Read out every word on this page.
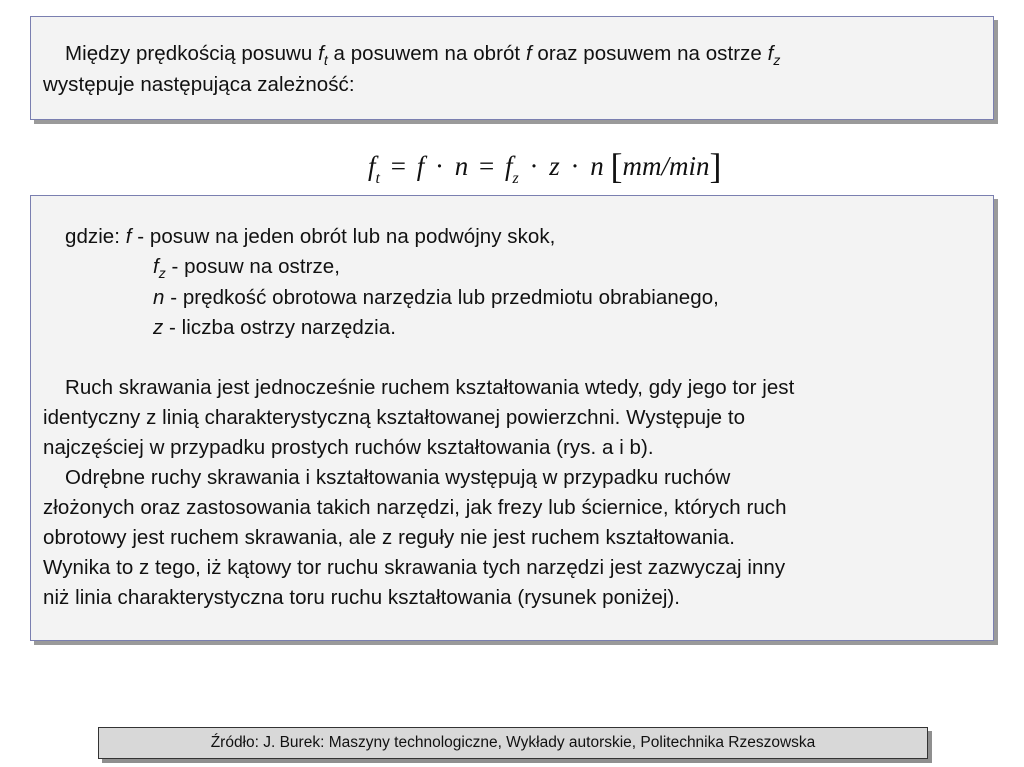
Między prędkością posuwu $f_t$ a posuwem na obrót f oraz posuwem na ostrze $f_z$
występuje następująca zależność:
$f_t = f \cdot n = f_z \cdot z \cdot n$ [mm/min]
gdzie: f - posuw na jeden obrót lub na podwójny skok,
$f_z$ - posuw na ostrze,
n - prędkość obrotowa narzędzia lub przedmiotu obrabianego,
z - liczba ostrzy narzędzia.
Ruch skrawania jest jednocześnie ruchem kształtowania wtedy, gdy jego tor jest
identyczny z linią charakterystyczną kształtowanej powierzchni. Występuje to
najczęściej w przypadku prostych ruchów kształtowania (rys. a i b).
Odrębne ruchy skrawania i kształtowania występują w przypadku ruchów
złożonych oraz zastosowania takich narzędzi, jak frezy lub ściernice, których ruch
obrotowy jest ruchem skrawania, ale z reguły nie jest ruchem kształtowania.
Wynika to z tego, iż kątowy tor ruchu skrawania tych narzędzi jest zazwyczaj inny
niż linia charakterystyczna toru ruchu kształtowania (rysunek poniżej).
Źródło: J. Burek: Maszyny technologiczne, Wykłady autorskie, Politechnika Rzeszowska
